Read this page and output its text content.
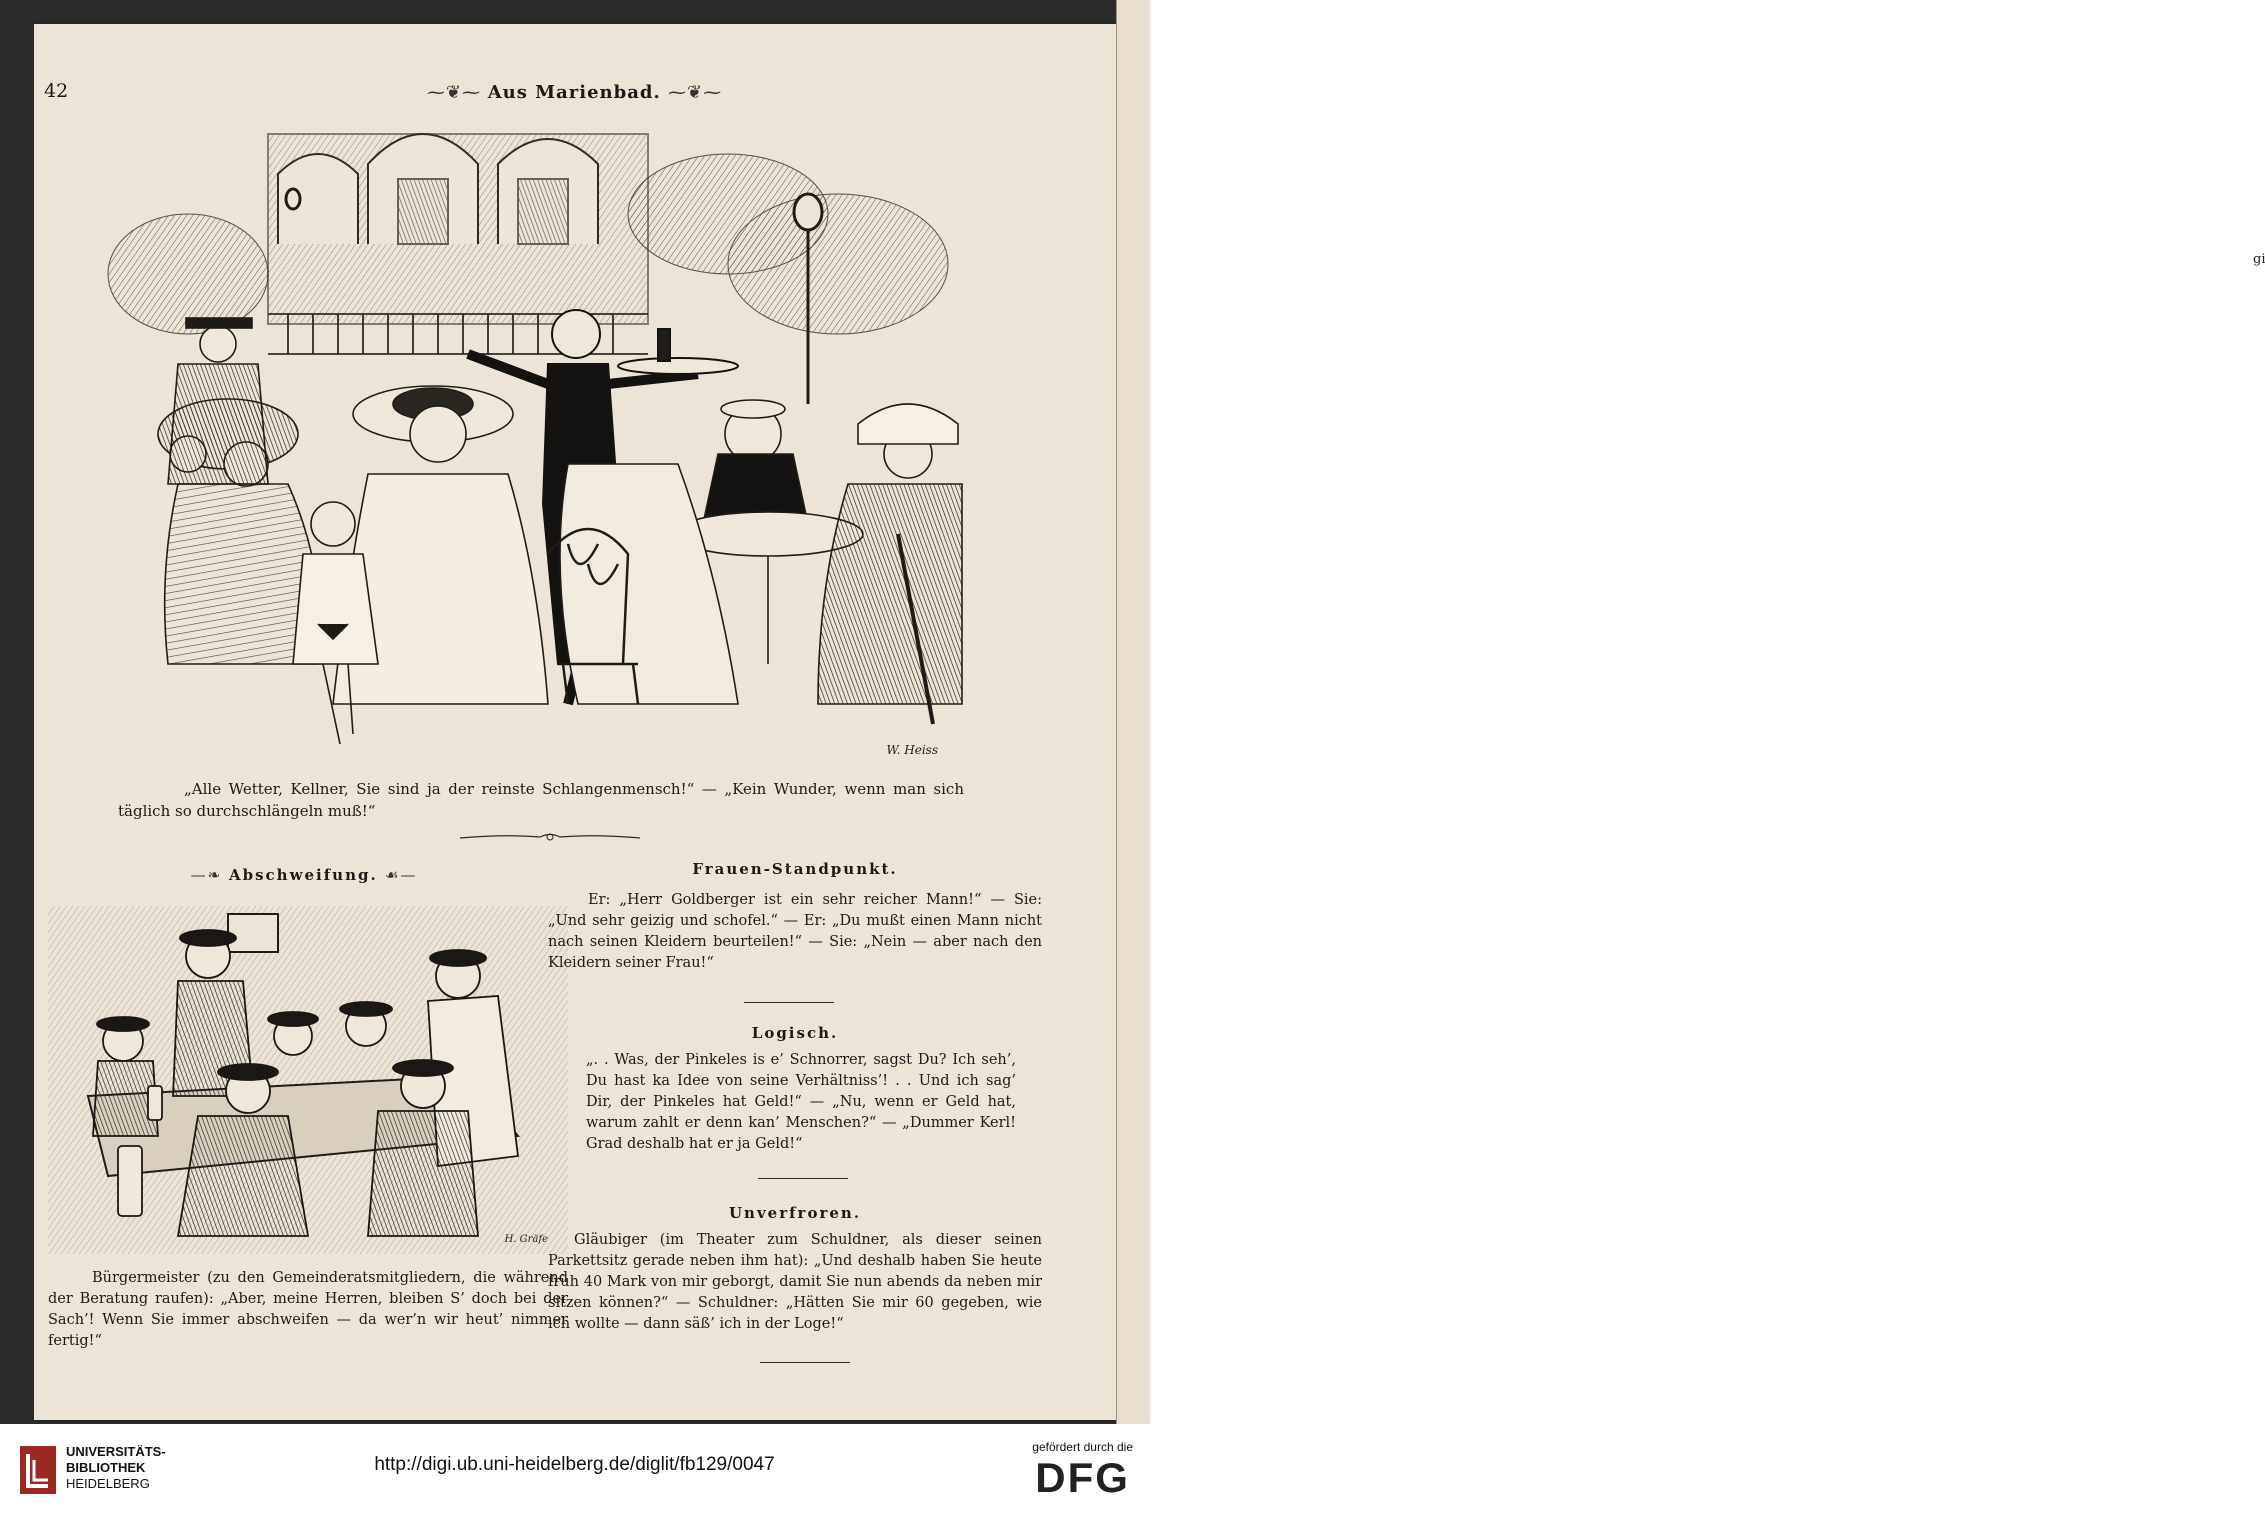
gi
42	⁓❦⁓ Aus Marienbad. ⁓❦⁓
W. Heiss
„Alle Wetter, Kellner, Sie sind ja der reinste Schlangenmensch!“ — „Kein Wunder, wenn man sich täglich so durchschlängeln muß!“
—❧ Abschweifung. ☙—
H. Gräfe
Bürgermeister (zu den Gemeinderatsmitgliedern, die während der Beratung raufen): „Aber, meine Herren, bleiben S’ doch bei der Sach’! Wenn Sie immer abschweifen — da wer’n wir heut’ nimmer fertig!“
Frauen-Standpunkt.
Er: „Herr Goldberger ist ein sehr reicher Mann!“ — Sie: „Und sehr geizig und schofel.“ — Er: „Du mußt einen Mann nicht nach seinen Kleidern beurteilen!“ — Sie: „Nein — aber nach den Kleidern seiner Frau!“
Logisch.
„. . Was, der Pinkeles is e’ Schnorrer, sagst Du? Ich seh’, Du hast ka Idee von seine Verhältniss’! . . Und ich sag’ Dir, der Pinkeles hat Geld!“ — „Nu, wenn er Geld hat, warum zahlt er denn kan’ Menschen?“ — „Dummer Kerl! Grad deshalb hat er ja Geld!“
Unverfroren.
Gläubiger (im Theater zum Schuldner, als dieser seinen Parkettsitz gerade neben ihm hat): „Und deshalb haben Sie heute früh 40 Mark von mir geborgt, damit Sie nun abends da neben mir sitzen können?“ — Schuldner: „Hätten Sie mir 60 gegeben, wie ich wollte — dann säß’ ich in der Loge!“
UNIVERSITÄTS-
BIBLIOTHEK
HEIDELBERG
http://digi.ub.uni-heidelberg.de/diglit/fb129/0047
gefördert durch die
DFG
